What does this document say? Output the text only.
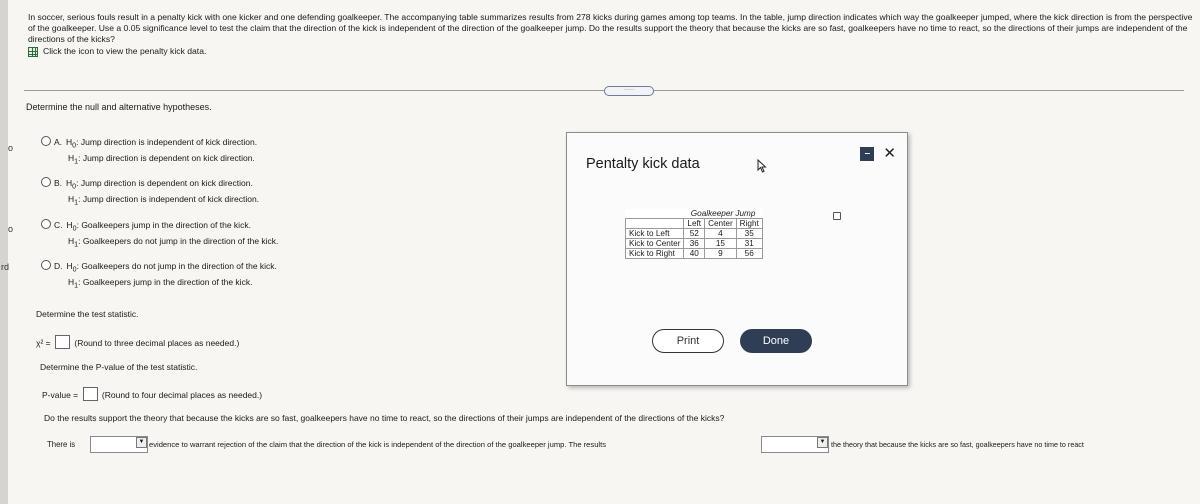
o
o
rd
In soccer, serious fouls result in a penalty kick with one kicker and one defending goalkeeper. The accompanying table summarizes results from 278 kicks during games among top teams. In the table, jump direction indicates which way the goalkeeper jumped, where the kick direction is from the perspective of the goalkeeper. Use a 0.05 significance level to test the claim that the direction of the kick is independent of the direction of the goalkeeper jump. Do the results support the theory that because the kicks are so fast, goalkeepers have no time to react, so the directions of their jumps are independent of the directions of the kicks?
Click the icon to view the penalty kick data.
·····
Determine the null and alternative hypotheses.
A. $H_0$: Jump direction is independent of kick direction.
$H_1$: Jump direction is dependent on kick direction.
B. $H_0$: Jump direction is dependent on kick direction.
$H_1$: Jump direction is independent of kick direction.
C. $H_0$: Goalkeepers jump in the direction of the kick.
$H_1$: Goalkeepers do not jump in the direction of the kick.
D. $H_0$: Goalkeepers do not jump in the direction of the kick.
$H_1$: Goalkeepers jump in the direction of the kick.
Determine the test statistic.
χ² =	(Round to three decimal places as needed.)
Determine the P-value of the test statistic.
P-value =	(Round to four decimal places as needed.)
Do the results support the theory that because the kicks are so fast, goalkeepers have no time to react, so the directions of their jumps are independent of the directions of the kicks?
There is	▼ evidence to warrant rejection of the claim that the direction of the kick is independent of the direction of the goalkeeper jump. The results	▼ the theory that because the kicks are so fast, goalkeepers have no time to react
Pentalty kick data
– ✕
	Goalkeeper Jump		
	Left	Center	Right
Kick to Left	52	4	35
Kick to Center	36	15	31
Kick to Right	40	9	56
Print	Done
